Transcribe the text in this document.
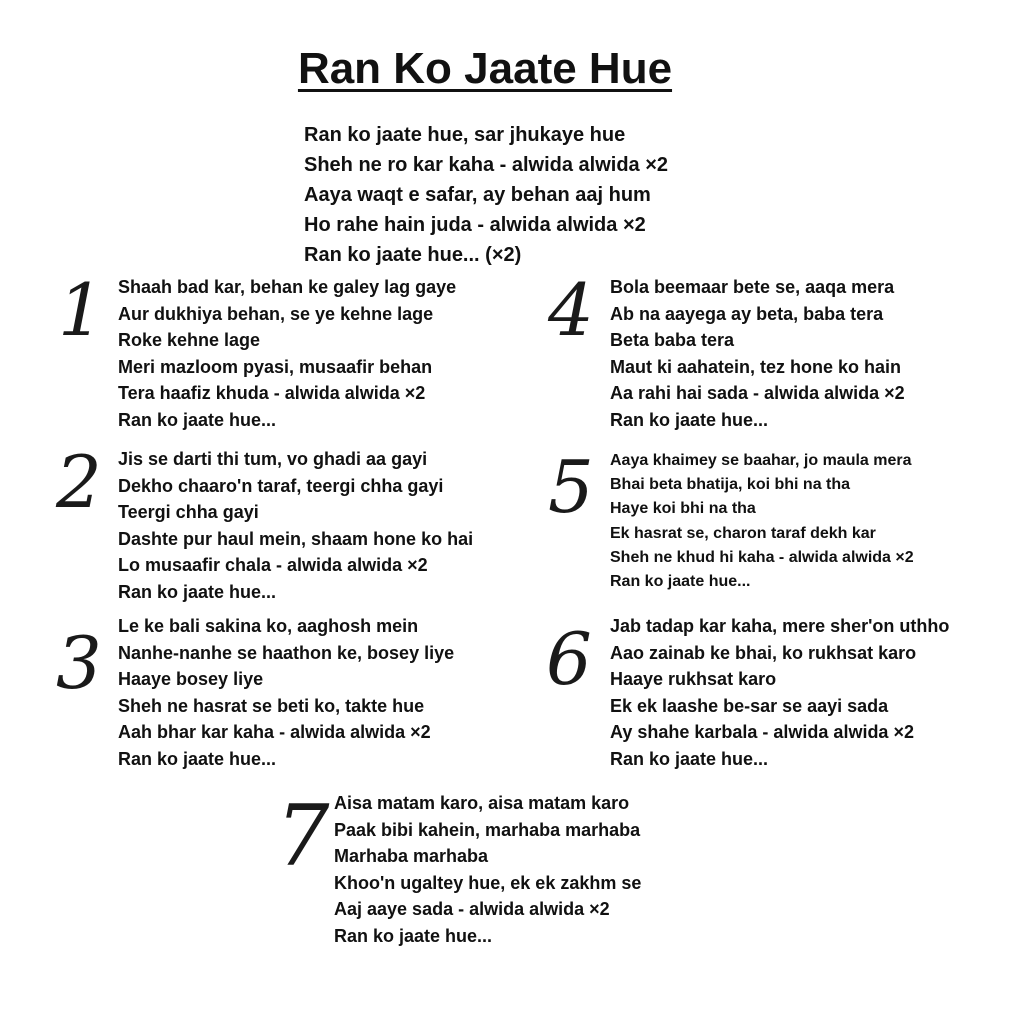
Ran Ko Jaate Hue
Ran ko jaate hue, sar jhukaye hue
Sheh ne ro kar kaha - alwida alwida ×2
Aaya waqt e safar, ay behan aaj hum
Ho rahe hain juda - alwida alwida ×2
Ran ko jaate hue... (×2)
1 Shaah bad kar, behan ke galey lag gaye
Aur dukhiya behan, se ye kehne lage
Roke kehne lage
Meri mazloom pyasi, musaafir behan
Tera haafiz khuda - alwida alwida ×2
Ran ko jaate hue...
2 Jis se darti thi tum, vo ghadi aa gayi
Dekho chaaro'n taraf, teergi chha gayi
Teergi chha gayi
Dashte pur haul mein, shaam hone ko hai
Lo musaafir chala - alwida alwida ×2
Ran ko jaate hue...
3 Le ke bali sakina ko, aaghosh mein
Nanhe-nanhe se haathon ke, bosey liye
Haaye bosey liye
Sheh ne hasrat se beti ko, takte hue
Aah bhar kar kaha - alwida alwida ×2
Ran ko jaate hue...
4 Bola beemaar bete se, aaqa mera
Ab na aayega ay beta, baba tera
Beta baba tera
Maut ki aahatein, tez hone ko hain
Aa rahi hai sada - alwida alwida ×2
Ran ko jaate hue...
5 Aaya khaimey se baahar, jo maula mera
Bhai beta bhatija, koi bhi na tha
Haye koi bhi na tha
Ek hasrat se, charon taraf dekh kar
Sheh ne khud hi kaha - alwida alwida ×2
Ran ko jaate hue...
6 Jab tadap kar kaha, mere sher'on uthho
Aao zainab ke bhai, ko rukhsat karo
Haaye rukhsat karo
Ek ek laashe be-sar se aayi sada
Ay shahe karbala - alwida alwida ×2
Ran ko jaate hue...
7 Aisa matam karo, aisa matam karo
Paak bibi kahein, marhaba marhaba
Marhaba marhaba
Khoo'n ugaltey hue, ek ek zakhm se
Aaj aaye sada - alwida alwida ×2
Ran ko jaate hue...
